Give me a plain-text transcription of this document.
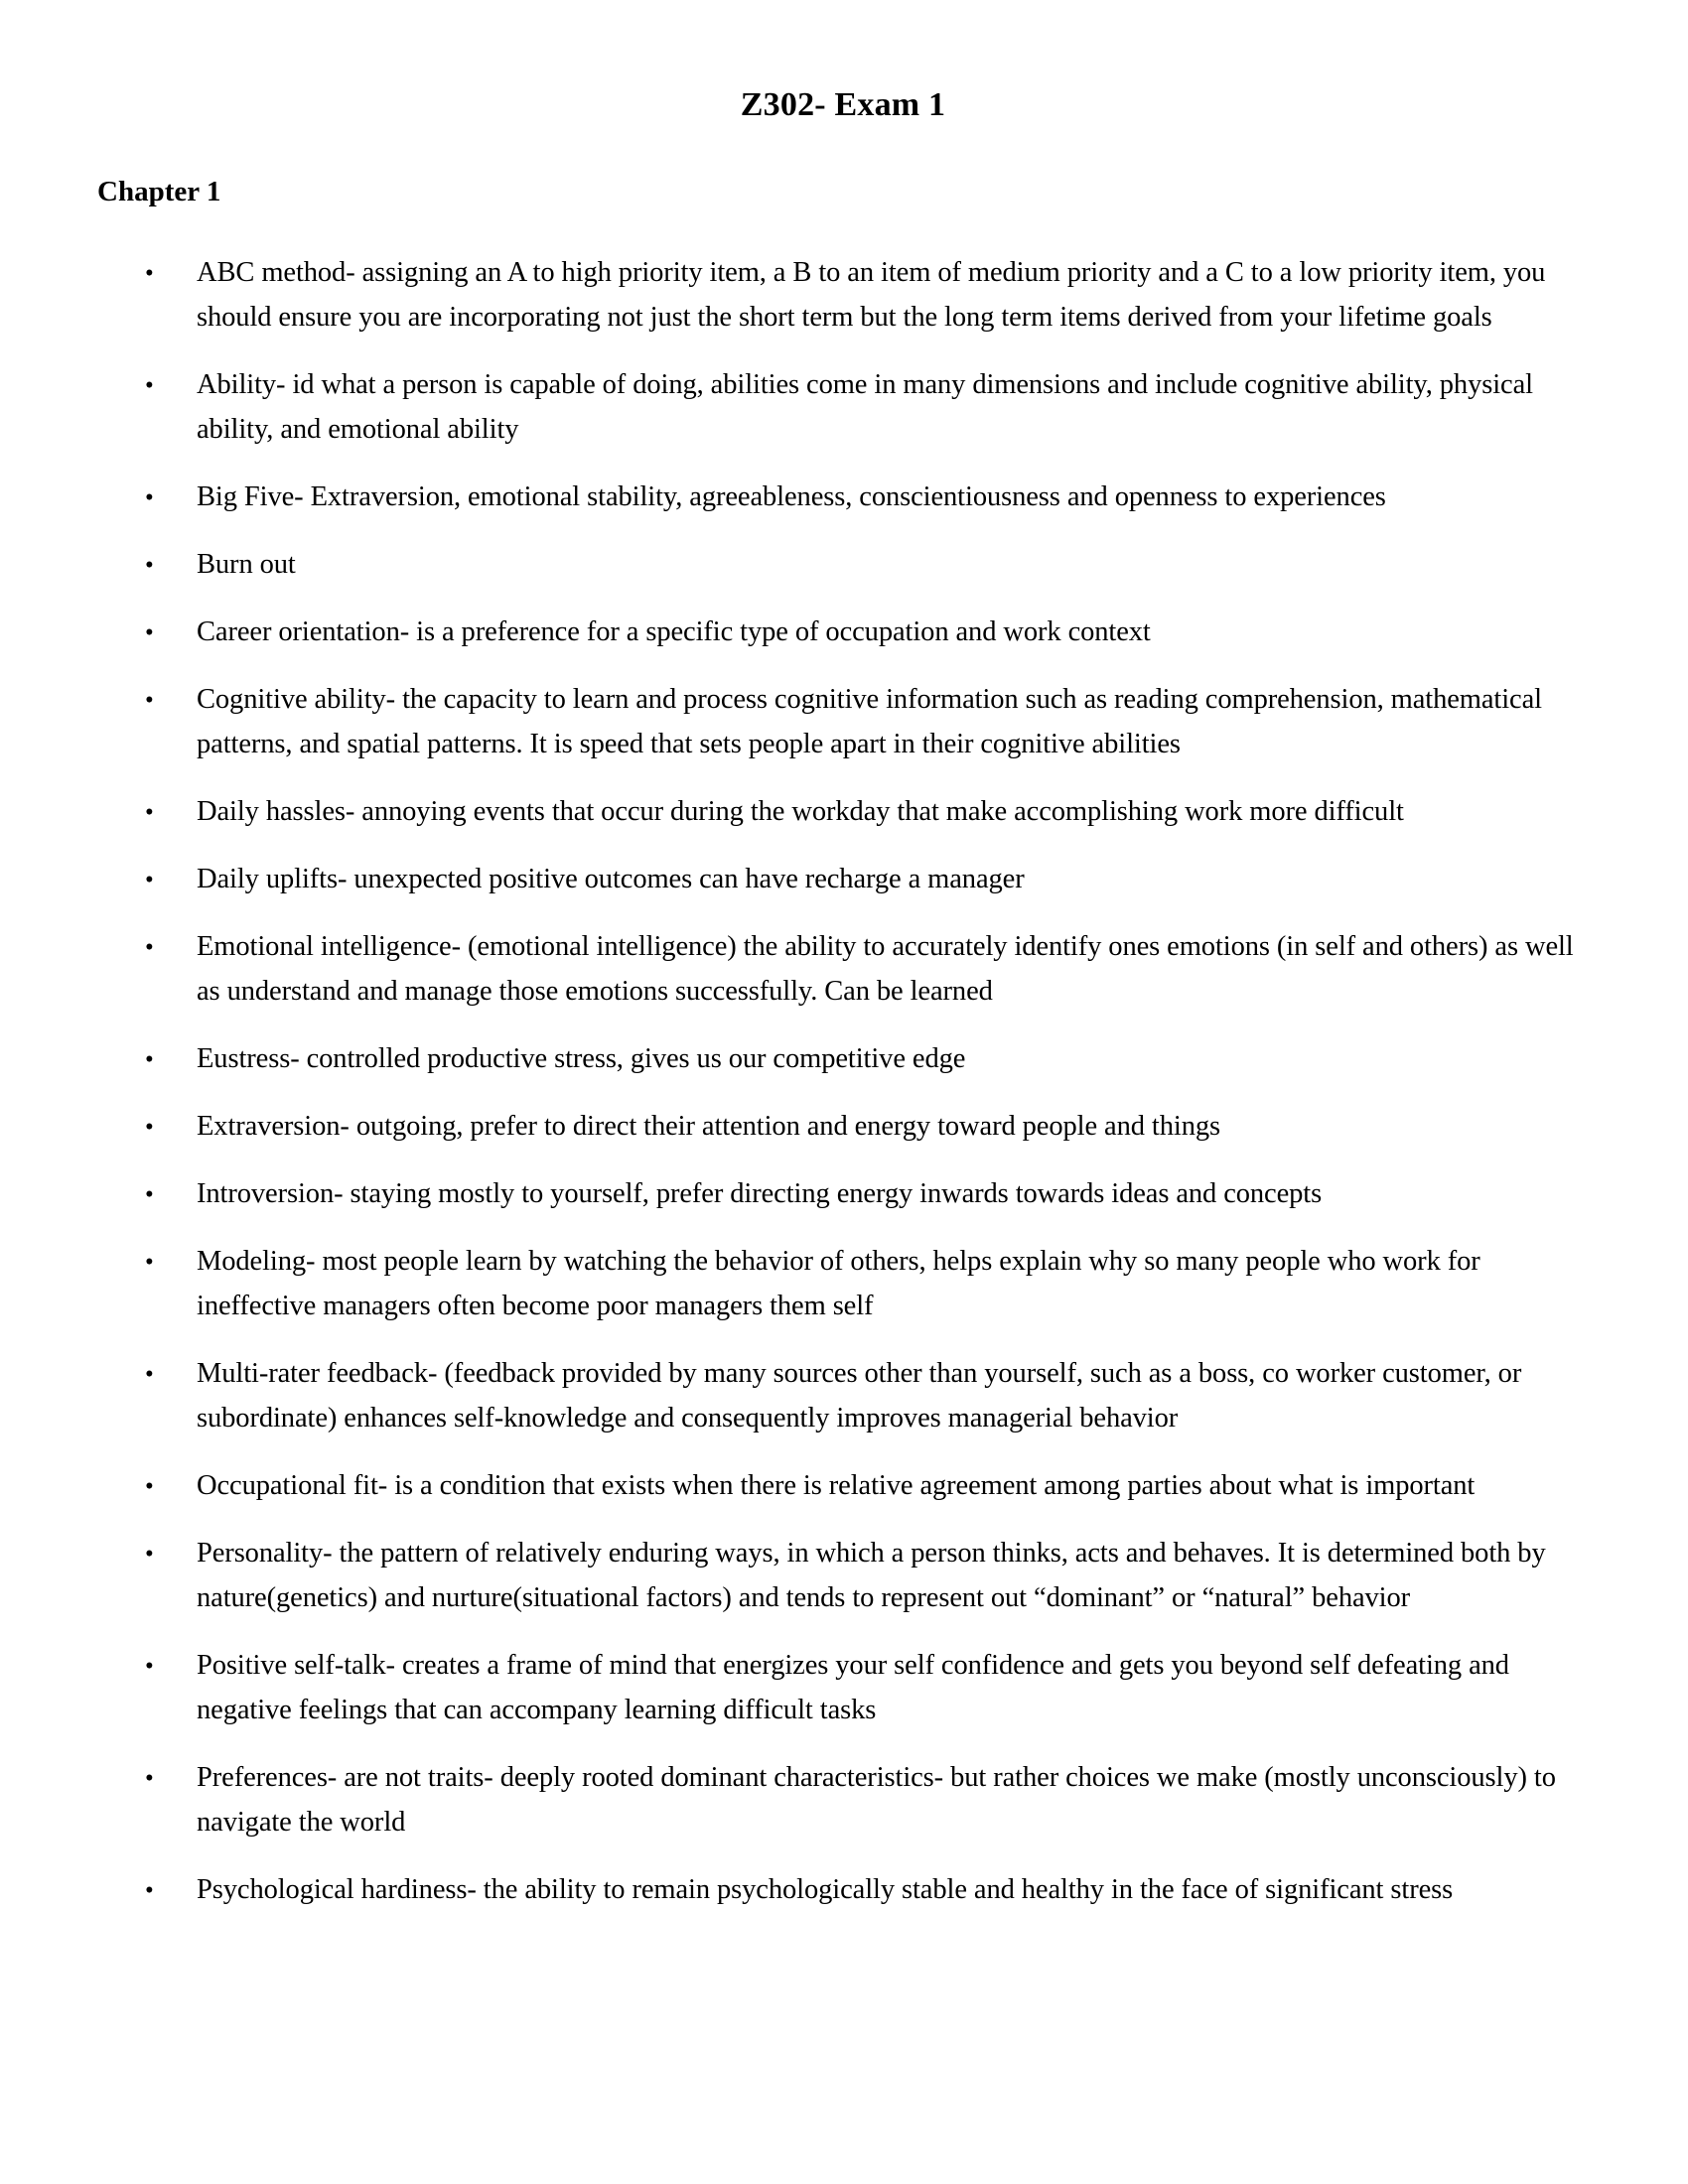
Z302- Exam 1
Chapter 1
• ABC method- assigning an A to high priority item, a B to an item of medium priority and a C to a low priority item, you should ensure you are incorporating not just the short term but the long term items derived from your lifetime goals
• Ability- id what a person is capable of doing, abilities come in many dimensions and include cognitive ability, physical ability, and emotional ability
• Big Five- Extraversion, emotional stability, agreeableness, conscientiousness and openness to experiences
• Burn out
• Career orientation- is a preference for a specific type of occupation and work context
• Cognitive ability- the capacity to learn and process cognitive information such as reading comprehension, mathematical patterns, and spatial patterns. It is speed that sets people apart in their cognitive abilities
• Daily hassles- annoying events that occur during the workday that make accomplishing work more difficult
• Daily uplifts- unexpected positive outcomes can have recharge a manager
• Emotional intelligence- (emotional intelligence) the ability to accurately identify ones emotions (in self and others) as well as understand and manage those emotions successfully. Can be learned
• Eustress- controlled productive stress, gives us our competitive edge
• Extraversion- outgoing, prefer to direct their attention and energy toward people and things
• Introversion- staying mostly to yourself, prefer directing energy inwards towards ideas and concepts
• Modeling- most people learn by watching the behavior of others, helps explain why so many people who work for ineffective managers often become poor managers them self
• Multi-rater feedback- (feedback provided by many sources other than yourself, such as a boss, co worker customer, or subordinate) enhances self-knowledge and consequently improves managerial behavior
• Occupational fit- is a condition that exists when there is relative agreement among parties about what is important
• Personality- the pattern of relatively enduring ways, in which a person thinks, acts and behaves. It is determined both by nature(genetics) and nurture(situational factors) and tends to represent out “dominant” or “natural” behavior
• Positive self-talk- creates a frame of mind that energizes your self confidence and gets you beyond self defeating and negative feelings that can accompany learning difficult tasks
• Preferences- are not traits- deeply rooted dominant characteristics- but rather choices we make (mostly unconsciously) to navigate the world
• Psychological hardiness- the ability to remain psychologically stable and healthy in the face of significant stress
